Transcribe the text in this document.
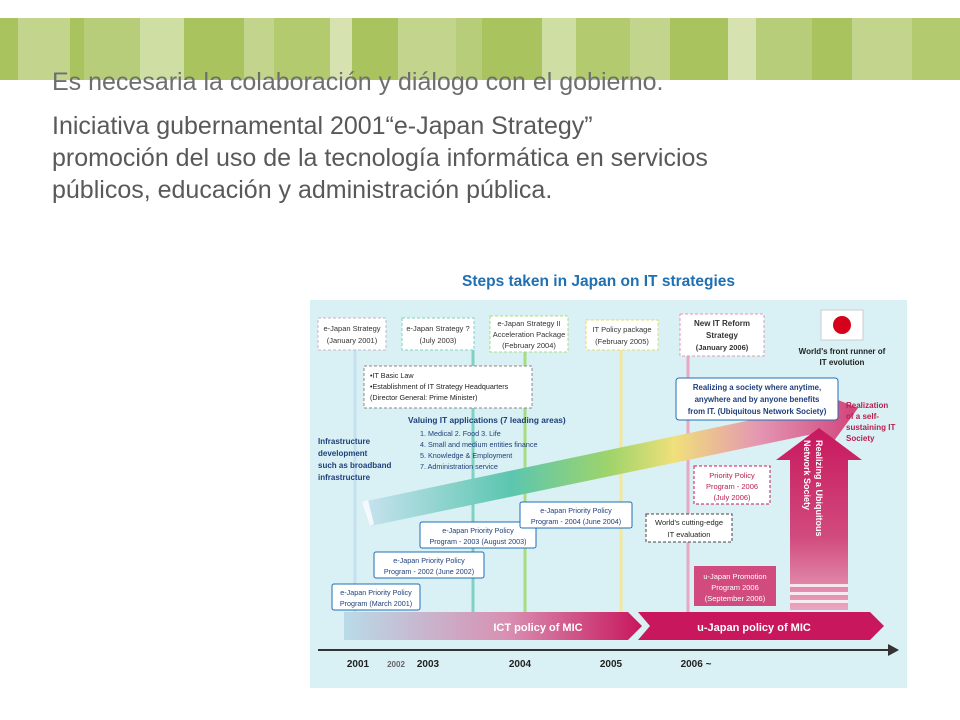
Es necesaria la colaboración y diálogo con el gobierno.

Iniciativa gubernamental 2001“e-Japan Strategy” promoción del uso de la tecnología informática en servicios públicos, educación y administración pública.

Steps taken in Japan on IT strategies
e-Japan Strategy
(January 2001)
e-Japan Strategy ?
(July 2003)
e-Japan Strategy II
Acceleration Package
(February 2004)
IT Policy package
(February 2005)
New IT Reform
Strategy
(January 2006)	World's front runner of
IT evolution
•IT Basic Law
•Establishment of IT Strategy Headquarters
(Director General: Prime Minister)
Valuing IT applications (7 leading areas)
1. Medical 2. Food 3. Life
4. Small and medium entities finance
5. Knowledge & Employment
7. Administration service
Infrastructure
development
such as broadband
infrastructure
Realizing a society where anytime,
anywhere and by anyone benefits
from IT. (Ubiquitous Network Society)
Realization
of a self-
sustaining IT
Society
Realizing a Ubiquitous
Network Society
Priority Policy
Program - 2006
(July 2006)
World's cutting-edge
IT evaluation
u-Japan Promotion
Program 2006
(September 2006)
e-Japan Priority Policy
Program (March 2001)
e-Japan Priority Policy
Program - 2002 (June 2002)
e-Japan Priority Policy
Program - 2003 (August 2003)
e-Japan Priority Policy
Program - 2004 (June 2004)
ICT policy of MIC	u-Japan policy of MIC
2001 2002 2003	2004	2005	2006 ~
